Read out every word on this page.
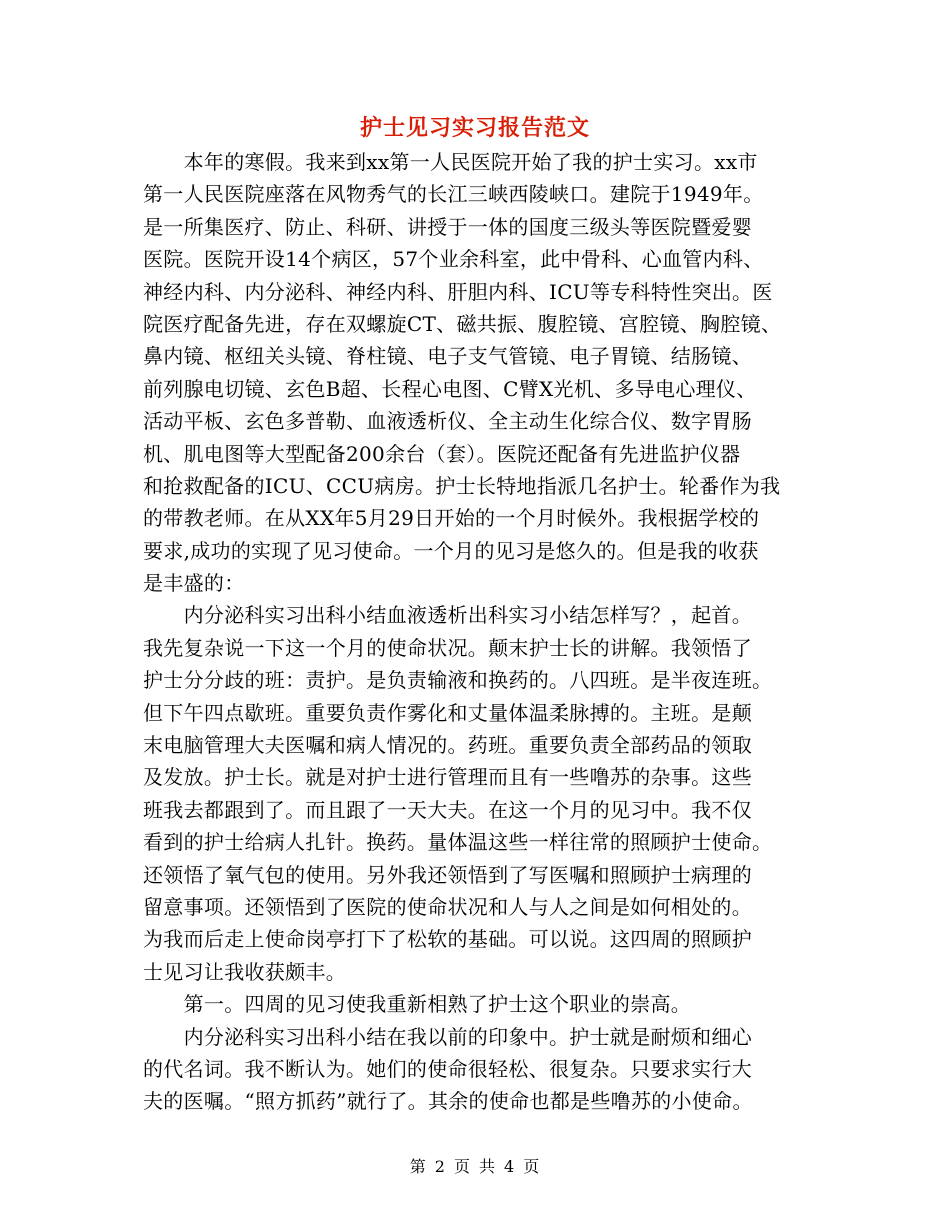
护士见习实习报告范文
　　本年的寒假。我来到xx第一人民医院开始了我的护士实习。xx市
第一人民医院座落在风物秀气的长江三峡西陵峡口。建院于1949年。
是一所集医疗、防止、科研、讲授于一体的国度三级头等医院暨爱婴
医院。医院开设14个病区，57个业余科室，此中骨科、心血管内科、
神经内科、内分泌科、神经内科、肝胆内科、ICU等专科特性突出。医
院医疗配备先进，存在双螺旋CT、磁共振、腹腔镜、宫腔镜、胸腔镜、
鼻内镜、枢纽关头镜、脊柱镜、电子支气管镜、电子胃镜、结肠镜、
前列腺电切镜、玄色B超、长程心电图、C臂X光机、多导电心理仪、
活动平板、玄色多普勒、血液透析仪、全主动生化综合仪、数字胃肠
机、肌电图等大型配备200余台（套）。医院还配备有先进监护仪器
和抢救配备的ICU、CCU病房。护士长特地指派几名护士。轮番作为我
的带教老师。在从XX年5月29日开始的一个月时候外。我根据学校的
要求,成功的实现了见习使命。一个月的见习是悠久的。但是我的收获
是丰盛的：
　　内分泌科实习出科小结血液透析出科实习小结怎样写？，起首。
我先复杂说一下这一个月的使命状况。颠末护士长的讲解。我领悟了
护士分分歧的班：责护。是负责输液和换药的。八四班。是半夜连班。
但下午四点歇班。重要负责作雾化和丈量体温柔脉搏的。主班。是颠
末电脑管理大夫医嘱和病人情况的。药班。重要负责全部药品的领取
及发放。护士长。就是对护士进行管理而且有一些噜苏的杂事。这些
班我去都跟到了。而且跟了一天大夫。在这一个月的见习中。我不仅
看到的护士给病人扎针。换药。量体温这些一样往常的照顾护士使命。
还领悟了氧气包的使用。另外我还领悟到了写医嘱和照顾护士病理的
留意事项。还领悟到了医院的使命状况和人与人之间是如何相处的。
为我而后走上使命岗亭打下了松软的基础。可以说。这四周的照顾护
士见习让我收获颇丰。
　　第一。四周的见习使我重新相熟了护士这个职业的崇高。
　　内分泌科实习出科小结在我以前的印象中。护士就是耐烦和细心
的代名词。我不断认为。她们的使命很轻松、很复杂。只要求实行大
夫的医嘱。“照方抓药”就行了。其余的使命也都是些噜苏的小使命。
第 2 页 共 4 页
